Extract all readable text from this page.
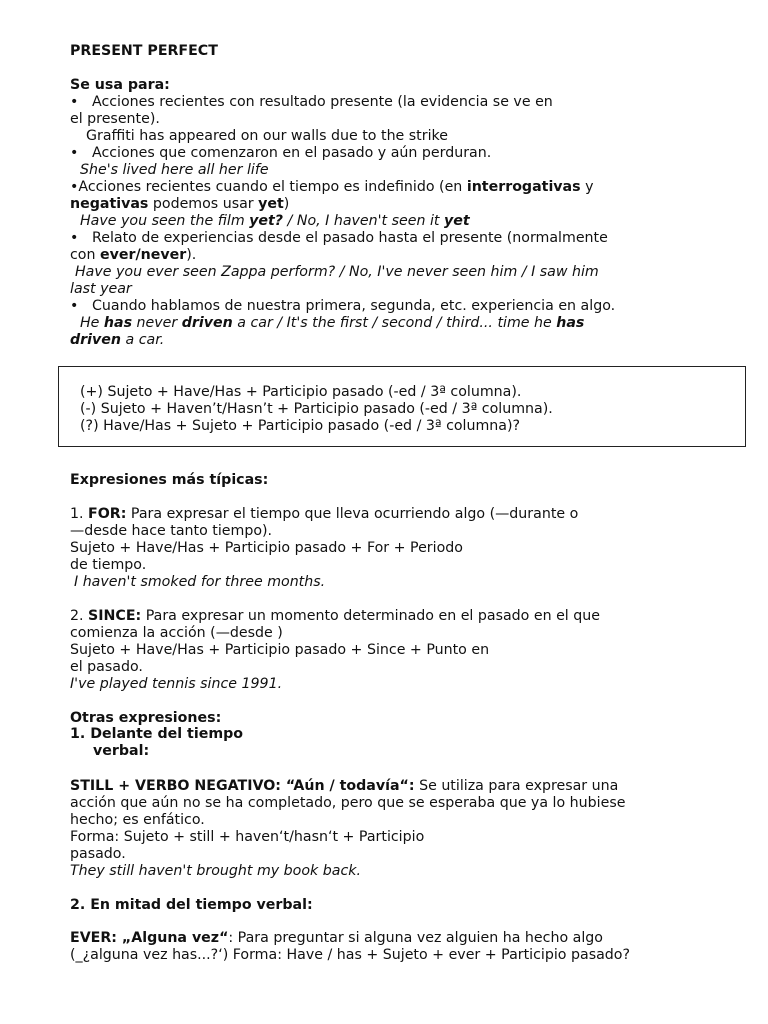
PRESENT PERFECT
Se usa para:
• Acciones recientes con resultado presente (la evidencia se ve en
el presente).
Graffiti has appeared on our walls due to the strike
• Acciones que comenzaron en el pasado y aún perduran.
She's lived here all her life
•Acciones recientes cuando el tiempo es indefinido (en interrogativas y
negativas podemos usar yet)
Have you seen the film yet? / No, I haven't seen it yet
• Relato de experiencias desde el pasado hasta el presente (normalmente
con ever/never).
Have you ever seen Zappa perform? / No, I've never seen him / I saw him
last year
• Cuando hablamos de nuestra primera, segunda, etc. experiencia en algo.
He has never driven a car / It's the first / second / third... time he has
driven a car.
(+) Sujeto + Have/Has + Participio pasado (-ed / 3ª columna).
(-) Sujeto + Haven’t/Hasn’t + Participio pasado (-ed / 3ª columna).
(?) Have/Has + Sujeto + Participio pasado (-ed / 3ª columna)?
Expresiones más típicas:
1. FOR: Para expresar el tiempo que lleva ocurriendo algo (—durante o
—desde hace tanto tiempo).
Sujeto + Have/Has + Participio pasado + For + Periodo
de tiempo.
I haven't smoked for three months.
2. SINCE: Para expresar un momento determinado en el pasado en el que
comienza la acción (—desde )
Sujeto + Have/Has + Participio pasado + Since + Punto en
el pasado.
I've played tennis since 1991.
Otras expresiones:
1. Delante del tiempo
verbal:
STILL + VERBO NEGATIVO: “Aún / todavía“: Se utiliza para expresar una
acción que aún no se ha completado, pero que se esperaba que ya lo hubiese
hecho; es enfático.
Forma: Sujeto + still + haven‘t/hasn‘t + Participio
pasado.
They still haven't brought my book back.
2. En mitad del tiempo verbal:
EVER: „Alguna vez“: Para preguntar si alguna vez alguien ha hecho algo
(_¿alguna vez has...?‘) Forma: Have / has + Sujeto + ever + Participio pasado?
